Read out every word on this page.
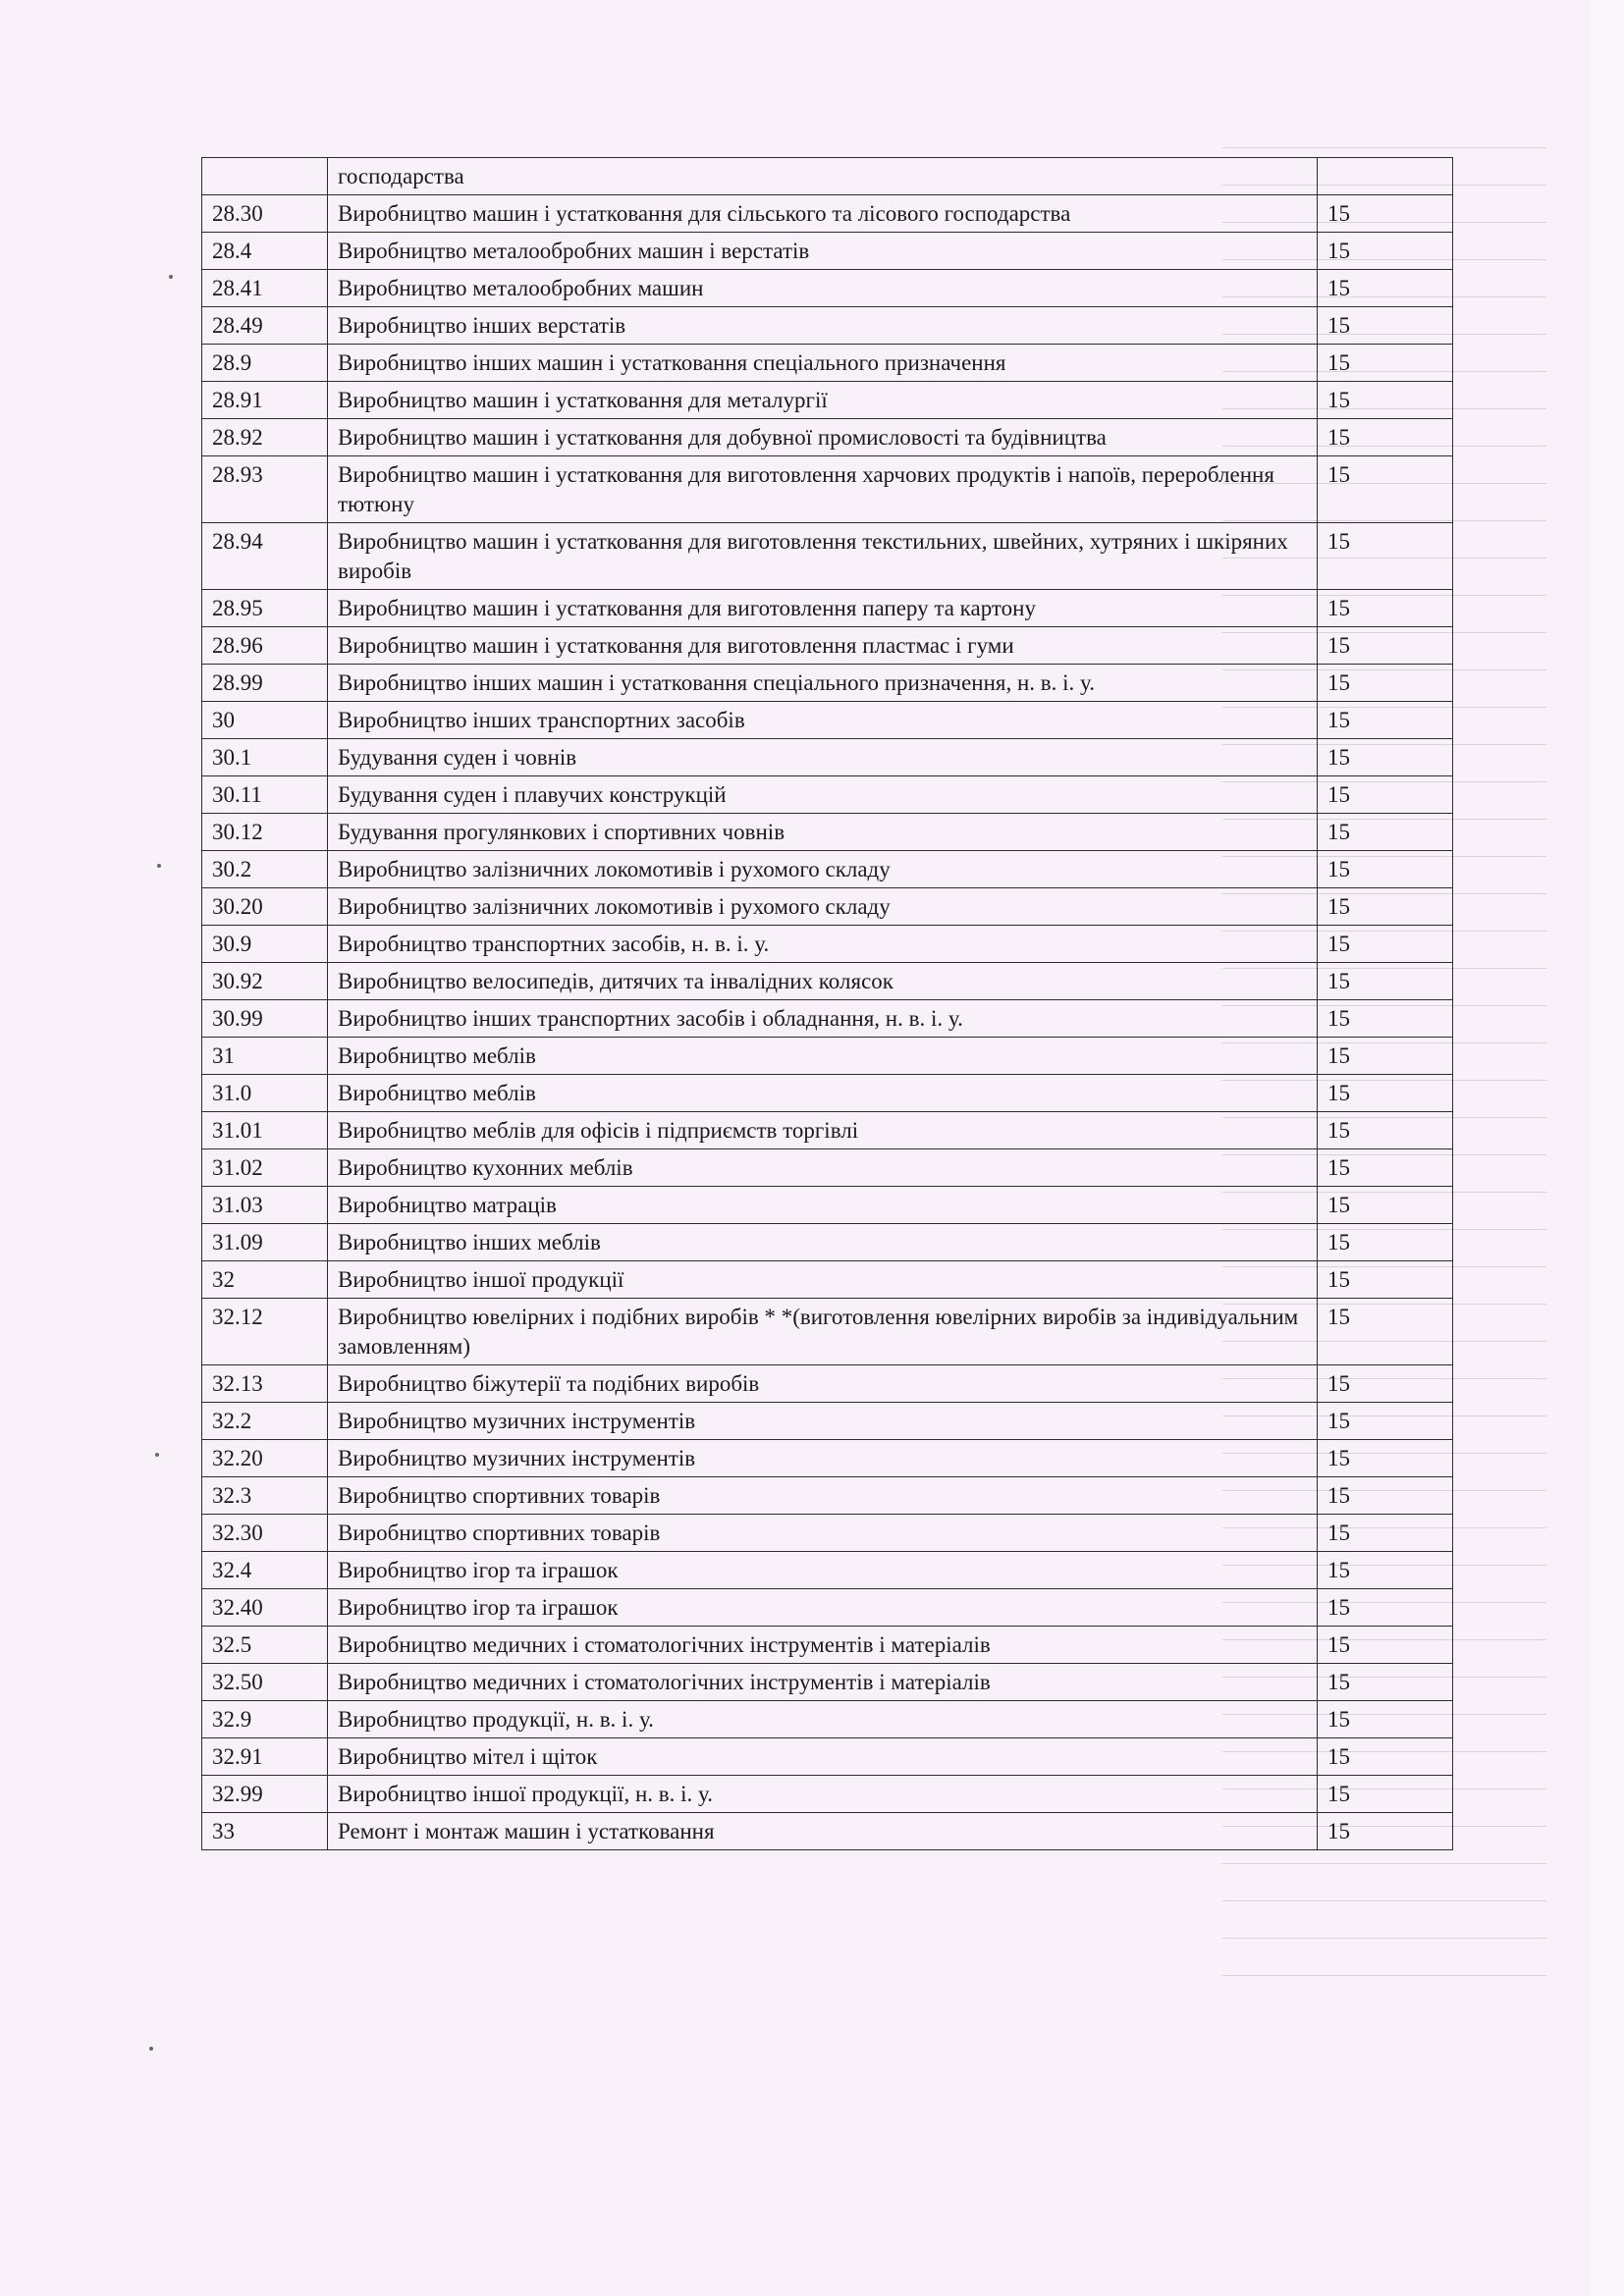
	господарства	
28.30	Виробництво машин і устатковання для сільського та лісового господарства	15
28.4	Виробництво металообробних машин і верстатів	15
28.41	Виробництво металообробних машин	15
28.49	Виробництво інших верстатів	15
28.9	Виробництво інших машин і устатковання спеціального призначення	15
28.91	Виробництво машин і устатковання для металургії	15
28.92	Виробництво машин і устатковання для добувної промисловості та будівництва	15
28.93	Виробництво машин і устатковання для виготовлення харчових продуктів і напоїв, перероблення тютюну	15
28.94	Виробництво машин і устатковання для виготовлення текстильних, швейних, хутряних і шкіряних виробів	15
28.95	Виробництво машин і устатковання для виготовлення паперу та картону	15
28.96	Виробництво машин і устатковання для виготовлення пластмас і гуми	15
28.99	Виробництво інших машин і устатковання спеціального призначення, н. в. і. у.	15
30	Виробництво інших транспортних засобів	15
30.1	Будування суден і човнів	15
30.11	Будування суден і плавучих конструкцій	15
30.12	Будування прогулянкових і спортивних човнів	15
30.2	Виробництво залізничних локомотивів і рухомого складу	15
30.20	Виробництво залізничних локомотивів і рухомого складу	15
30.9	Виробництво транспортних засобів, н. в. і. у.	15
30.92	Виробництво велосипедів, дитячих та інвалідних колясок	15
30.99	Виробництво інших транспортних засобів і обладнання, н. в. і. у.	15
31	Виробництво меблів	15
31.0	Виробництво меблів	15
31.01	Виробництво меблів для офісів і підприємств торгівлі	15
31.02	Виробництво кухонних меблів	15
31.03	Виробництво матраців	15
31.09	Виробництво інших меблів	15
32	Виробництво іншої продукції	15
32.12	Виробництво ювелірних і подібних виробів * *(виготовлення ювелірних виробів за індивідуальним замовленням)	15
32.13	Виробництво біжутерії та подібних виробів	15
32.2	Виробництво музичних інструментів	15
32.20	Виробництво музичних інструментів	15
32.3	Виробництво спортивних товарів	15
32.30	Виробництво спортивних товарів	15
32.4	Виробництво ігор та іграшок	15
32.40	Виробництво ігор та іграшок	15
32.5	Виробництво медичних і стоматологічних інструментів і матеріалів	15
32.50	Виробництво медичних і стоматологічних інструментів і матеріалів	15
32.9	Виробництво продукції, н. в. і. у.	15
32.91	Виробництво мітел і щіток	15
32.99	Виробництво іншої продукції, н. в. і. у.	15
33	Ремонт і монтаж машин і устатковання	15
